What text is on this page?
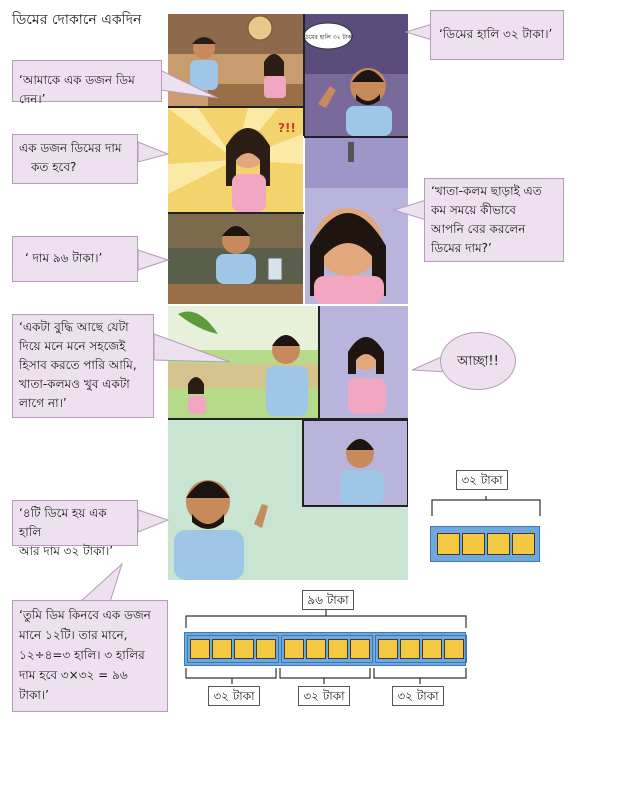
ডিমের দোকানে একদিন
ডিমের হালি ৩২ টাকা
?!!
‘আমাকে এক ডজন ডিম দেন।’
‘ডিমের হালি ৩২ টাকা।’
এক ডজন ডিমের দাম
কত হবে?
‘খাতা-কলম ছাড়াই এত
কম সময়ে কীভাবে
আপনি বের করলেন
ডিমের দাম?’
‘ দাম ৯৬ টাকা।’
‘একটা বুদ্ধি আছে যেটা
দিয়ে মনে মনে সহজেই
হিসাব করতে পারি আমি,
খাতা-কলমও খুব একটা
লাগে না।’
আচ্ছা!!
‘৪টি ডিমে হয় এক হালি
আর দাম ৩২ টাকা।’
‘তুমি ডিম কিনবে এক ডজন
মানে ১২টি। তার মানে,
১২÷৪=৩ হালি। ৩ হালির
দাম হবে ৩×৩২ = ৯৬
টাকা।’
৩২ টাকা
৯৬ টাকা
৩২ টাকা	৩২ টাকা	৩২ টাকা
